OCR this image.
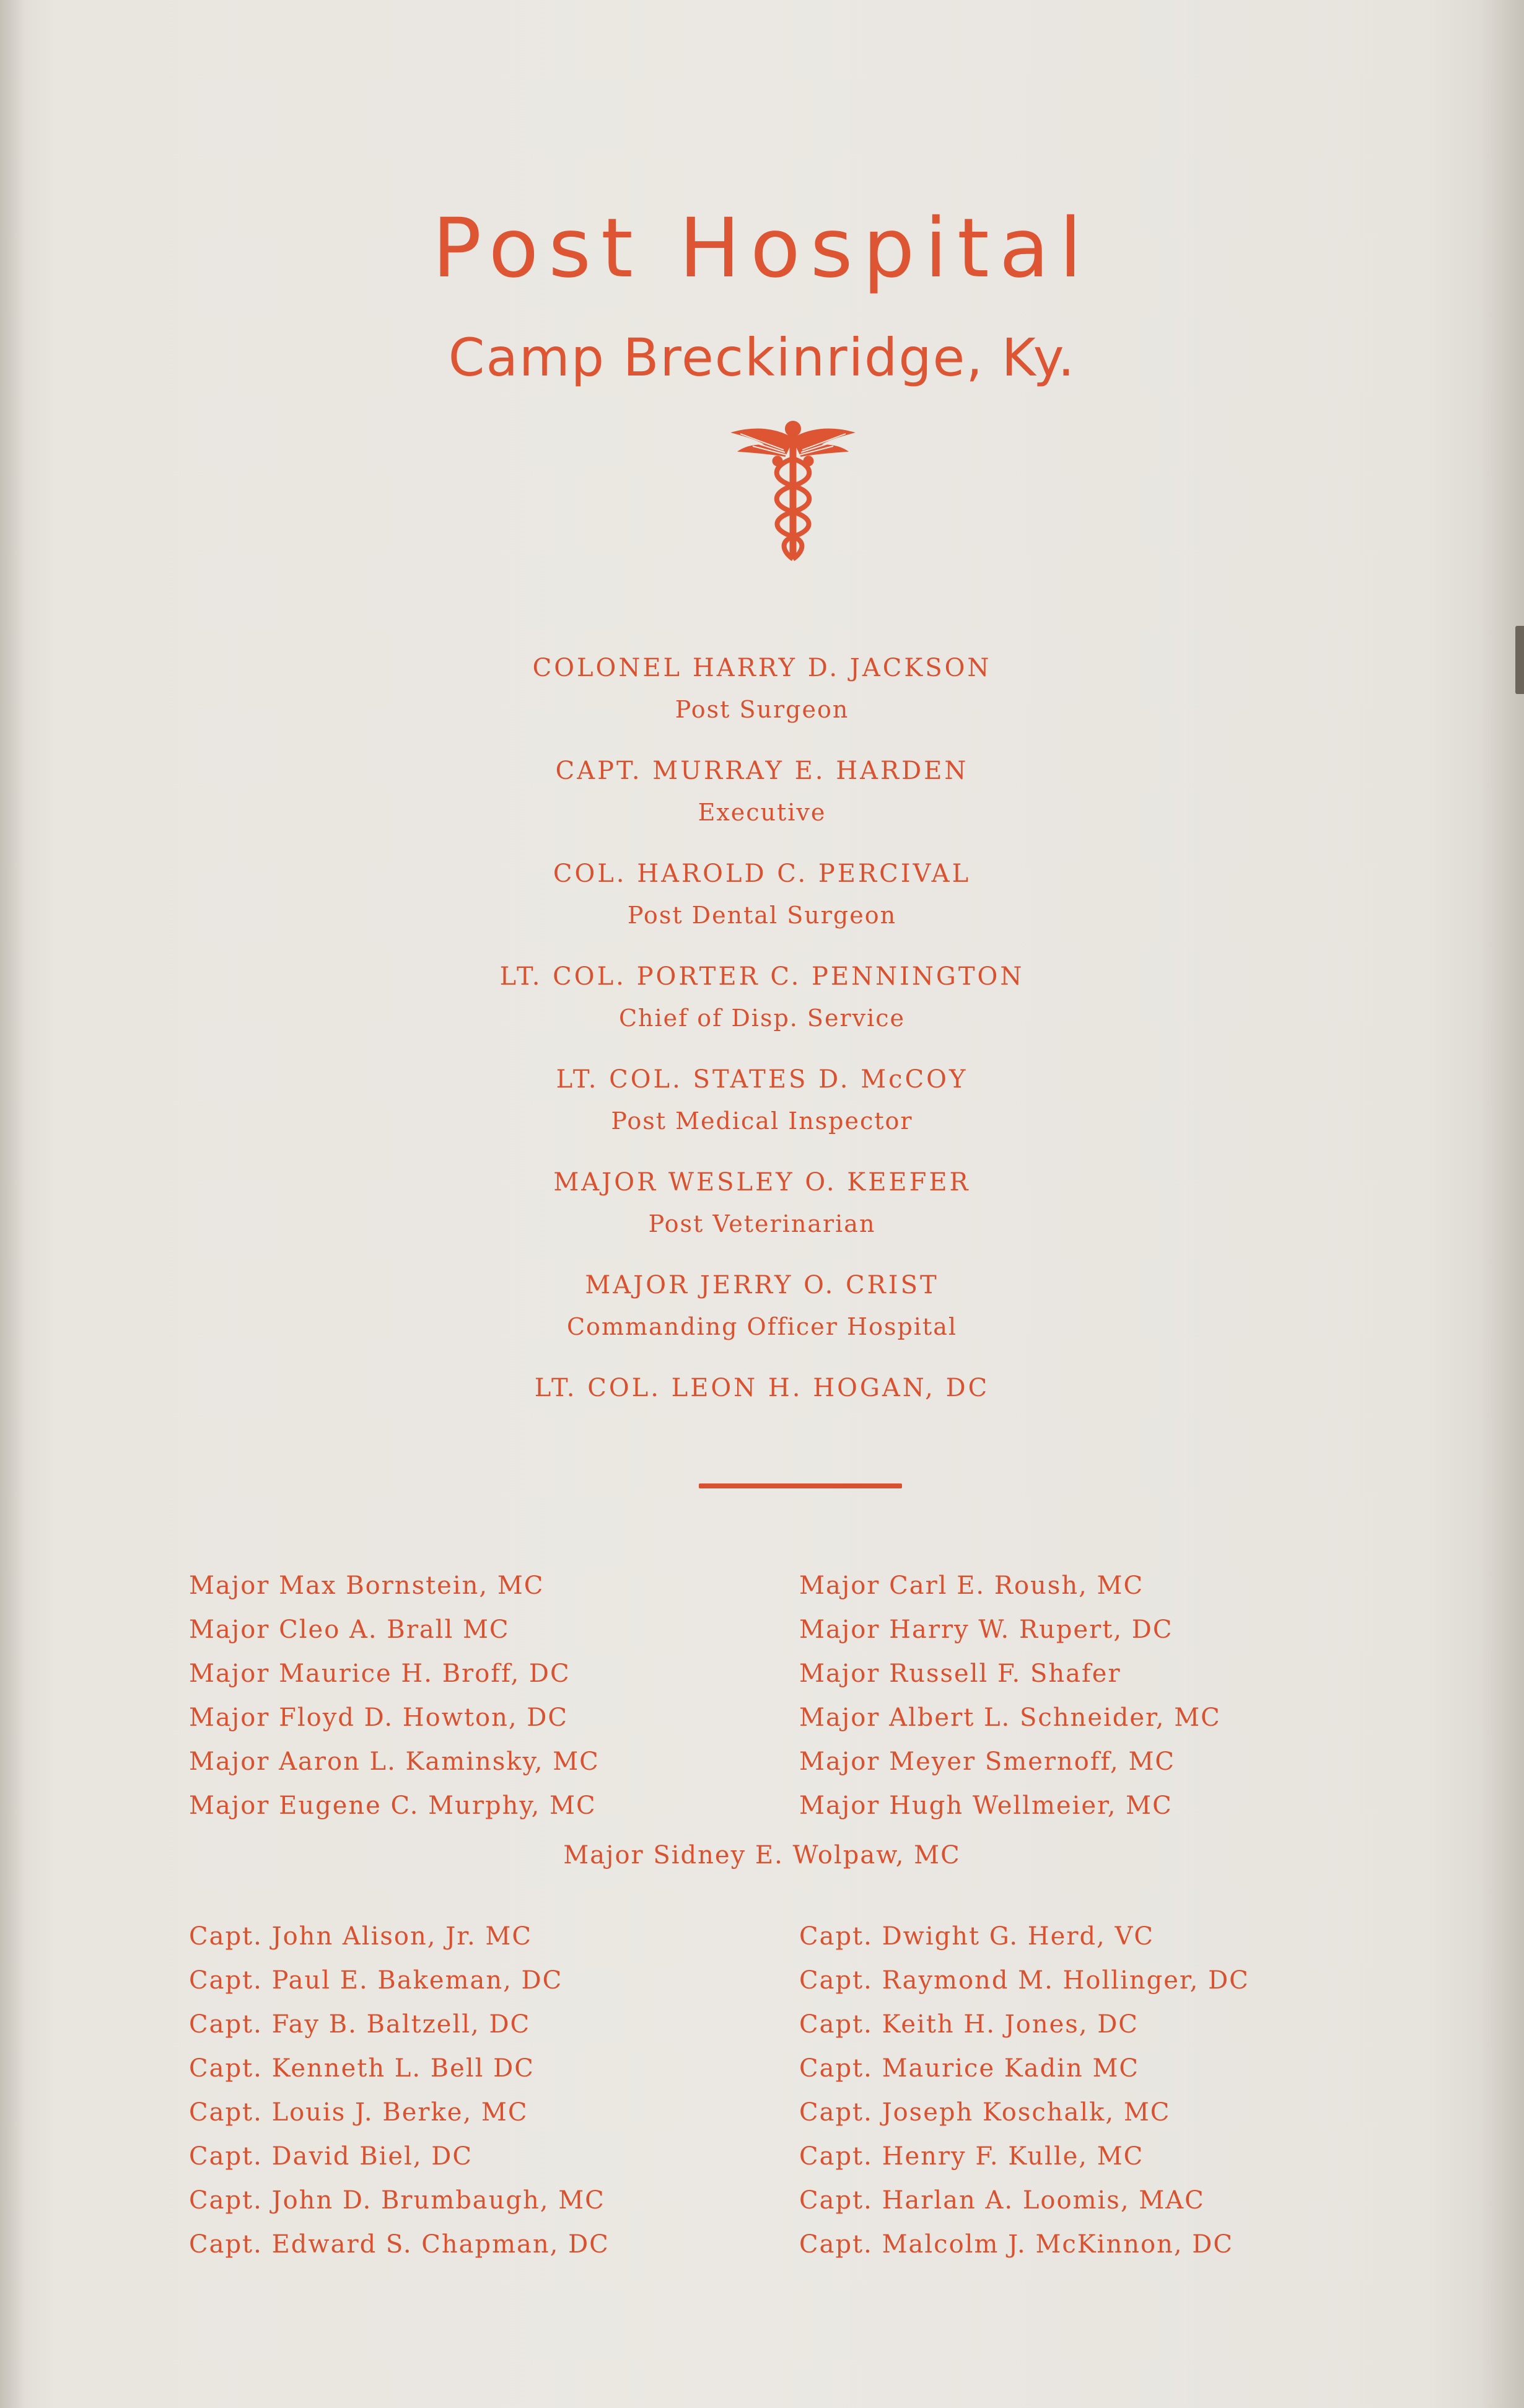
Post Hospital
Camp Breckinridge, Ky.
COLONEL HARRY D. JACKSON
Post Surgeon
CAPT. MURRAY E. HARDEN
Executive
COL. HAROLD C. PERCIVAL
Post Dental Surgeon
LT. COL. PORTER C. PENNINGTON
Chief of Disp. Service
LT. COL. STATES D. McCOY
Post Medical Inspector
MAJOR WESLEY O. KEEFER
Post Veterinarian
MAJOR JERRY O. CRIST
Commanding Officer Hospital
LT. COL. LEON H. HOGAN, DC
Major Max Bornstein, MC
Major Cleo A. Brall MC
Major Maurice H. Broff, DC
Major Floyd D. Howton, DC
Major Aaron L. Kaminsky, MC
Major Eugene C. Murphy, MC
Major Carl E. Roush, MC
Major Harry W. Rupert, DC
Major Russell F. Shafer
Major Albert L. Schneider, MC
Major Meyer Smernoff, MC
Major Hugh Wellmeier, MC
Major Sidney E. Wolpaw, MC
Capt. John Alison, Jr. MC
Capt. Paul E. Bakeman, DC
Capt. Fay B. Baltzell, DC
Capt. Kenneth L. Bell DC
Capt. Louis J. Berke, MC
Capt. David Biel, DC
Capt. John D. Brumbaugh, MC
Capt. Edward S. Chapman, DC
Capt. Dwight G. Herd, VC
Capt. Raymond M. Hollinger, DC
Capt. Keith H. Jones, DC
Capt. Maurice Kadin MC
Capt. Joseph Koschalk, MC
Capt. Henry F. Kulle, MC
Capt. Harlan A. Loomis, MAC
Capt. Malcolm J. McKinnon, DC
